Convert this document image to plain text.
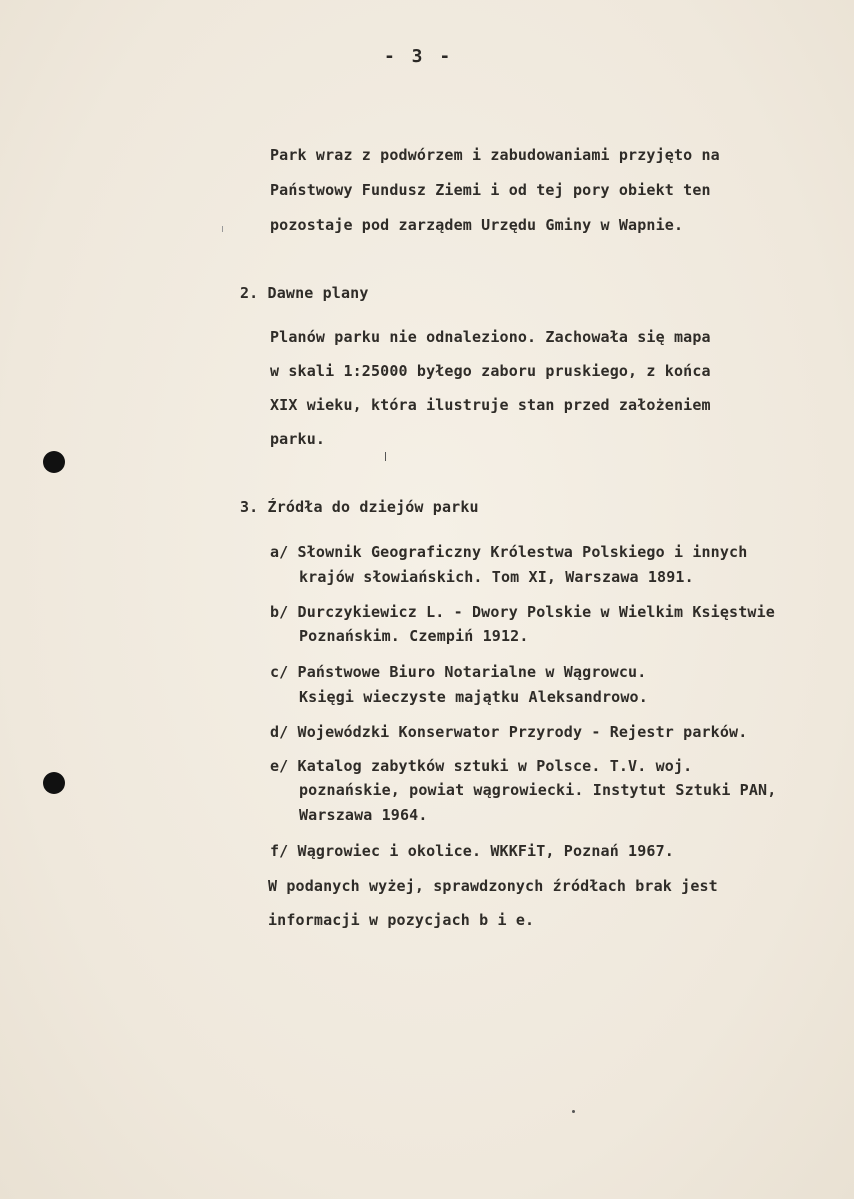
- 3 -
Park wraz z podwórzem i zabudowaniami przyjęto na
Państwowy Fundusz Ziemi i od tej pory obiekt ten
pozostaje pod zarządem Urzędu Gminy w Wapnie.
2. Dawne plany
Planów parku nie odnaleziono. Zachowała się mapa
w skali 1:25000 byłego zaboru pruskiego, z końca
XIX wieku, która ilustruje stan przed założeniem
parku.
3. Źródła do dziejów parku
a/ Słownik Geograficzny Królestwa Polskiego i innych
krajów słowiańskich. Tom XI, Warszawa 1891.
b/ Durczykiewicz L. - Dwory Polskie w Wielkim Księstwie
Poznańskim. Czempiń 1912.
c/ Państwowe Biuro Notarialne w Wągrowcu.
Księgi wieczyste majątku Aleksandrowo.
d/ Wojewódzki Konserwator Przyrody - Rejestr parków.
e/ Katalog zabytków sztuki w Polsce. T.V. woj.
poznańskie, powiat wągrowiecki. Instytut Sztuki PAN,
Warszawa 1964.
f/ Wągrowiec i okolice. WKKFiT, Poznań 1967.
W podanych wyżej, sprawdzonych źródłach brak jest
informacji w pozycjach b i e.
